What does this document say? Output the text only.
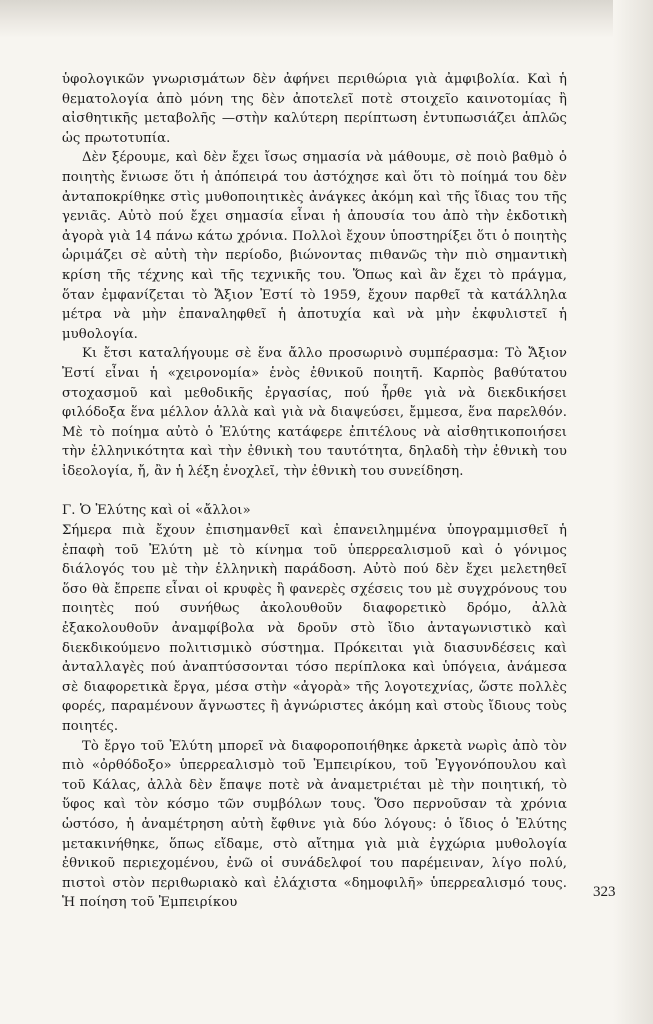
ὑφολογικῶν γνωρισμάτων δὲν ἀφήνει περιθώρια γιὰ ἀμφιβολία. Καὶ ἡ θεματολογία ἀπὸ μόνη της δὲν ἀποτελεῖ ποτὲ στοιχεῖο καινοτομίας ἢ αἰσθητικῆς μεταβολῆς —στὴν καλύτερη περίπτωση ἐντυπωσιάζει ἁπλῶς ὡς πρωτοτυπία.

Δὲν ξέρουμε, καὶ δὲν ἔχει ἴσως σημασία νὰ μάθουμε, σὲ ποιὸ βαθμὸ ὁ ποιητὴς ἔνιωσε ὅτι ἡ ἀπόπειρά του ἀστόχησε καὶ ὅτι τὸ ποίημά του δὲν ἀνταποκρίθηκε στὶς μυθοποιητικὲς ἀνάγκες ἀκόμη καὶ τῆς ἴδιας του τῆς γενιᾶς. Αὐτὸ πού ἔχει σημασία εἶναι ἡ ἀπουσία του ἀπὸ τὴν ἐκδοτικὴ ἀγορὰ γιὰ 14 πάνω κάτω χρόνια. Πολλοὶ ἔχουν ὑποστηρίξει ὅτι ὁ ποιητὴς ὡριμάζει σὲ αὐτὴ τὴν περίοδο, βιώνοντας πιθανῶς τὴν πιὸ σημαντικὴ κρίση τῆς τέχνης καὶ τῆς τεχνικῆς του. Ὅπως καὶ ἂν ἔχει τὸ πράγμα, ὅταν ἐμφανίζεται τὸ Ἄξιον Ἐστί τὸ 1959, ἔχουν παρθεῖ τὰ κατάλληλα μέτρα νὰ μὴν ἐπαναληφθεῖ ἡ ἀποτυχία καὶ νὰ μὴν ἐκφυλιστεῖ ἡ μυθολογία.

Κι ἔτσι καταλήγουμε σὲ ἕνα ἄλλο προσωρινὸ συμπέρασμα: Τὸ Ἄξιον Ἐστί εἶναι ἡ «χειρονομία» ἑνὸς ἐθνικοῦ ποιητῆ. Καρπὸς βαθύτατου στοχασμοῦ καὶ μεθοδικῆς ἐργασίας, πού ἦρθε γιὰ νὰ διεκδικήσει φιλόδοξα ἕνα μέλλον ἀλλὰ καὶ γιὰ νὰ διαψεύσει, ἔμμεσα, ἕνα παρελθόν. Μὲ τὸ ποίημα αὐτὸ ὁ Ἐλύτης κατάφερε ἐπιτέλους νὰ αἰσθητικοποιήσει τὴν ἑλληνικότητα καὶ τὴν ἐθνικὴ του ταυτότητα, δηλαδὴ τὴν ἐθνικὴ του ἰδεολογία, ἤ, ἂν ἡ λέξη ἐνοχλεῖ, τὴν ἐθνικὴ του συνείδηση.

Γ. Ὁ Ἐλύτης καὶ οἱ «ἄλλοι»

Σήμερα πιὰ ἔχουν ἐπισημανθεῖ καὶ ἐπανειλημμένα ὑπογραμμισθεῖ ἡ ἐπαφὴ τοῦ Ἐλύτη μὲ τὸ κίνημα τοῦ ὑπερρεαλισμοῦ καὶ ὁ γόνιμος διάλογός του μὲ τὴν ἑλληνικὴ παράδοση. Αὐτὸ πού δὲν ἔχει μελετηθεῖ ὅσο θὰ ἔπρεπε εἶναι οἱ κρυφὲς ἢ φανερὲς σχέσεις του μὲ συγχρόνους του ποιητὲς πού συνήθως ἀκολουθοῦν διαφορετικὸ δρόμο, ἀλλὰ ἐξακολουθοῦν ἀναμφίβολα νὰ δροῦν στὸ ἴδιο ἀνταγωνιστικὸ καὶ διεκδικούμενο πολιτισμικὸ σύστημα. Πρόκειται γιὰ διασυνδέσεις καὶ ἀνταλλαγὲς πού ἀναπτύσσονται τόσο περίπλοκα καὶ ὑπόγεια, ἀνάμεσα σὲ διαφορετικὰ ἔργα, μέσα στὴν «ἀγορὰ» τῆς λογοτεχνίας, ὥστε πολλὲς φορές, παραμένουν ἄγνωστες ἢ ἀγνώριστες ἀκόμη καὶ στοὺς ἴδιους τοὺς ποιητές.

Τὸ ἔργο τοῦ Ἐλύτη μπορεῖ νὰ διαφοροποιήθηκε ἀρκετὰ νωρὶς ἀπὸ τὸν πιὸ «ὀρθόδοξο» ὑπερρεαλισμὸ τοῦ Ἐμπειρίκου, τοῦ Ἐγγονόπουλου καὶ τοῦ Κάλας, ἀλλὰ δὲν ἔπαψε ποτὲ νὰ ἀναμετριέται μὲ τὴν ποιητική, τὸ ὕφος καὶ τὸν κόσμο τῶν συμβόλων τους. Ὅσο περνοῦσαν τὰ χρόνια ὡστόσο, ἡ ἀναμέτρηση αὐτὴ ἔφθινε γιὰ δύο λόγους: ὁ ἴδιος ὁ Ἐλύτης μετακινήθηκε, ὅπως εἴδαμε, στὸ αἴτημα γιὰ μιὰ ἐγχώρια μυθολογία ἐθνικοῦ περιεχομένου, ἐνῶ οἱ συνάδελφοί του παρέμειναν, λίγο πολύ, πιστοὶ στὸν περιθωριακὸ καὶ ἐλάχιστα «δημοφιλῆ» ὑπερρεαλισμό τους. Ἡ ποίηση τοῦ Ἐμπειρίκου

323
